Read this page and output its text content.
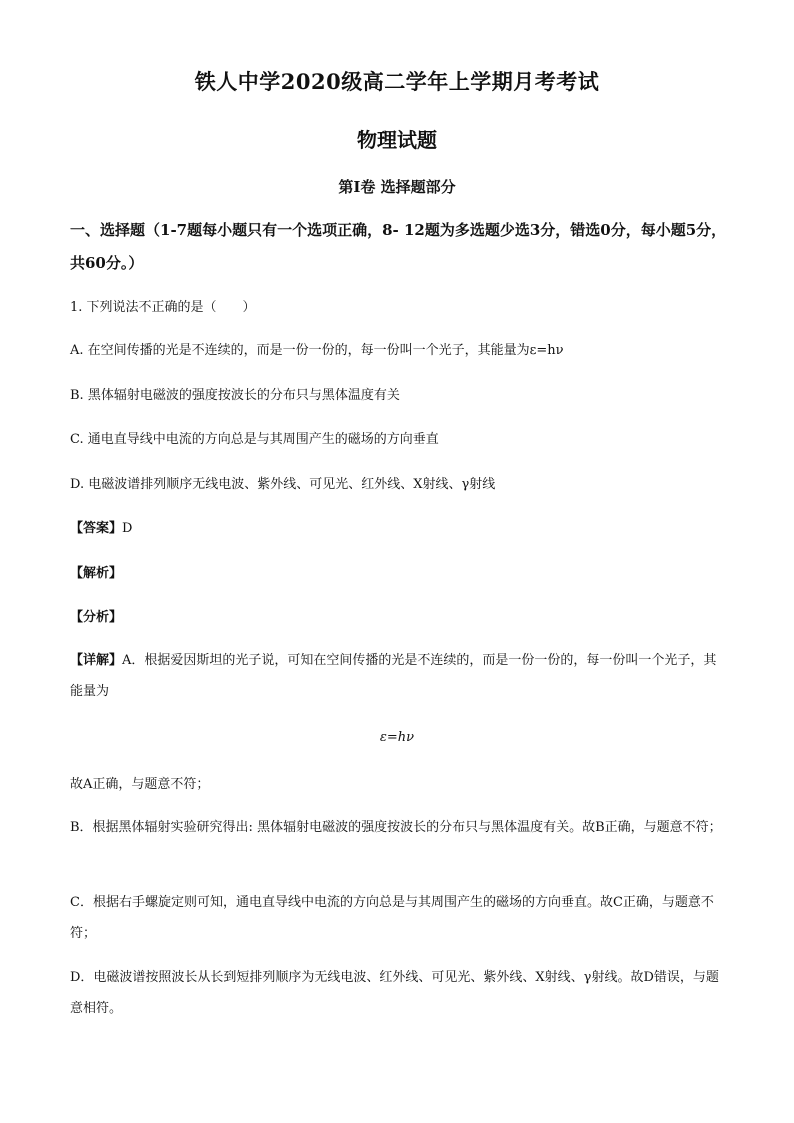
铁人中学2020级高二学年上学期月考考试
物理试题
第I卷 选择题部分
一、选择题（1-7题每小题只有一个选项正确，8- 12题为多选题少选3分，错选0分，每小题5分，共60分。）
1. 下列说法不正确的是（　　）
A. 在空间传播的光是不连续的，而是一份一份的，每一份叫一个光子，其能量为ε=hν
B. 黑体辐射电磁波的强度按波长的分布只与黑体温度有关
C. 通电直导线中电流的方向总是与其周围产生的磁场的方向垂直
D. 电磁波谱排列顺序无线电波、紫外线、可见光、红外线、X射线、γ射线
【答案】D
【解析】
【分析】
【详解】A．根据爱因斯坦的光子说，可知在空间传播的光是不连续的，而是一份一份的，每一份叫一个光子，其能量为
ε=hν
故A正确，与题意不符；
B．根据黑体辐射实验研究得出: 黑体辐射电磁波的强度按波长的分布只与黑体温度有关。故B正确，与题意不符；
C．根据右手螺旋定则可知，通电直导线中电流的方向总是与其周围产生的磁场的方向垂直。故C正确，与题意不符；
D．电磁波谱按照波长从长到短排列顺序为无线电波、红外线、可见光、紫外线、X射线、γ射线。故D错误，与题意相符。
